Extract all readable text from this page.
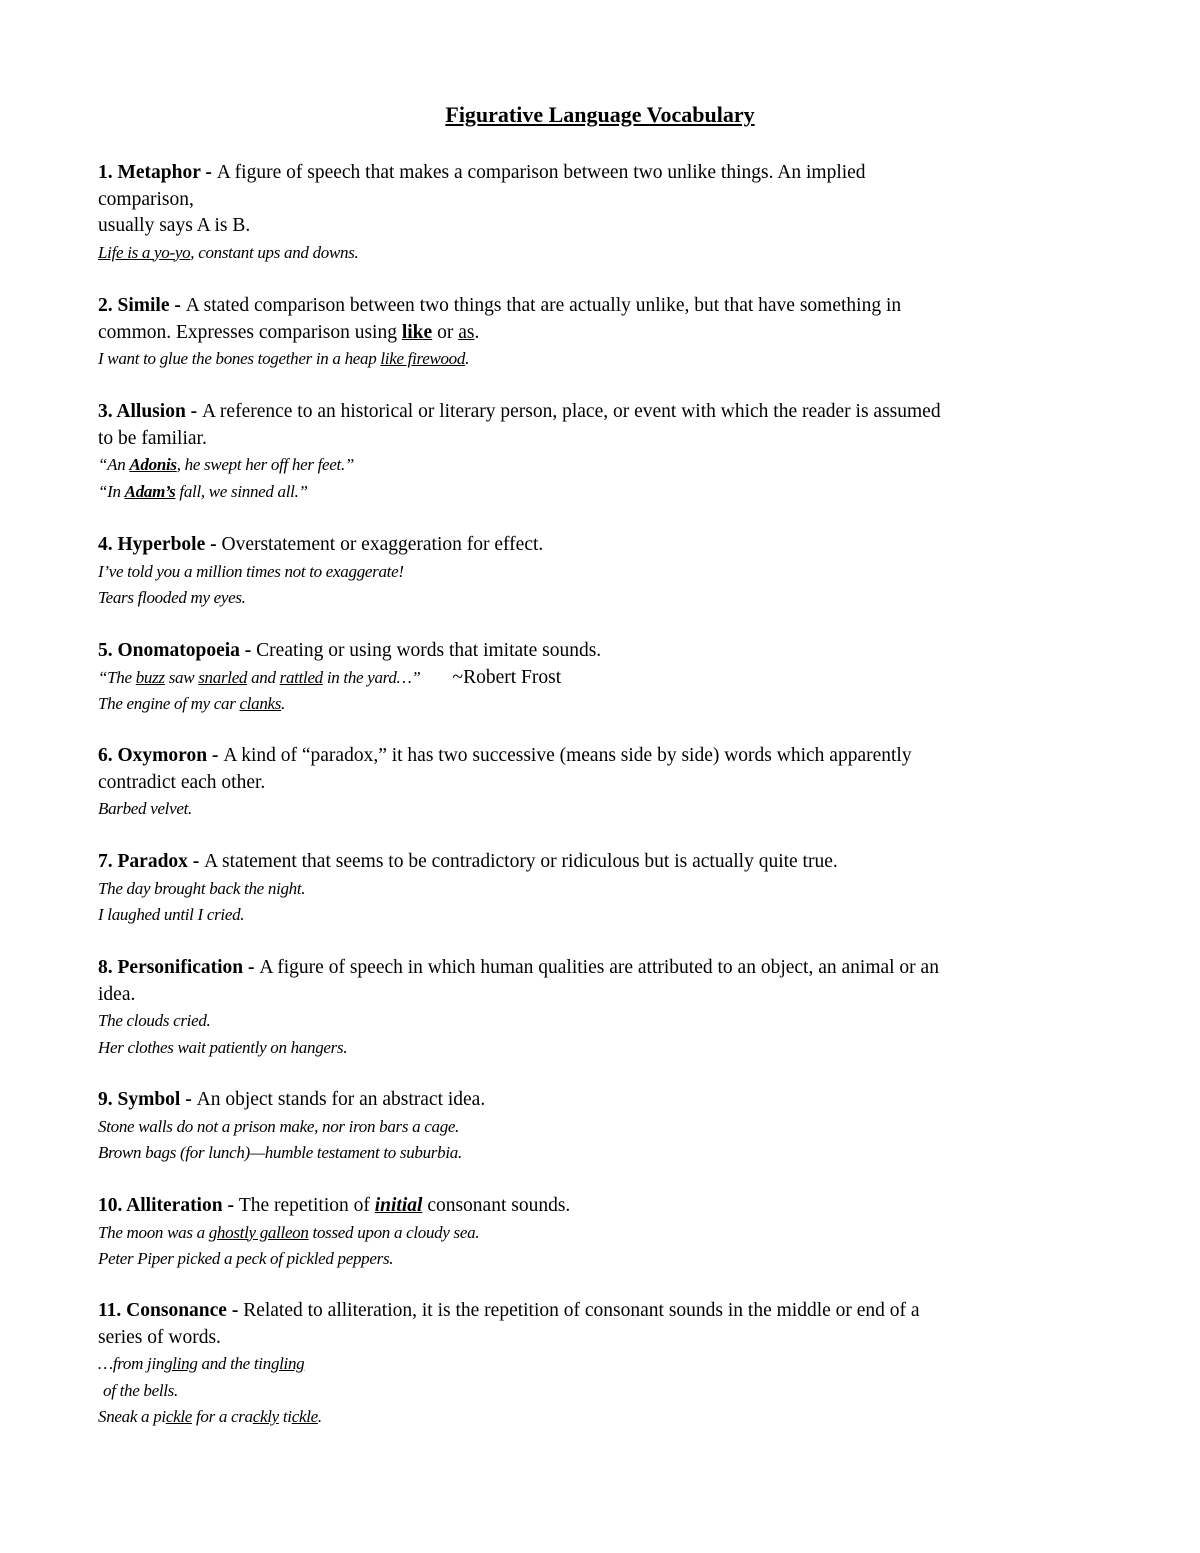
Figurative Language Vocabulary
1. Metaphor - A figure of speech that makes a comparison between two unlike things. An implied
comparison,
usually says A is B.
Life is a yo-yo, constant ups and downs.
2. Simile - A stated comparison between two things that are actually unlike, but that have something in
common. Expresses comparison using like or as.
I want to glue the bones together in a heap like firewood.
3. Allusion - A reference to an historical or literary person, place, or event with which the reader is assumed
to be familiar.
“An Adonis, he swept her off her feet.”
“In Adam’s fall, we sinned all.”
4. Hyperbole - Overstatement or exaggeration for effect.
I’ve told you a million times not to exaggerate!
Tears flooded my eyes.
5. Onomatopoeia - Creating or using words that imitate sounds.
“The buzz saw snarled and rattled in the yard…” ~Robert Frost
The engine of my car clanks.
6. Oxymoron - A kind of “paradox,” it has two successive (means side by side) words which apparently
contradict each other.
Barbed velvet.
7. Paradox - A statement that seems to be contradictory or ridiculous but is actually quite true.
The day brought back the night.
I laughed until I cried.
8. Personification - A figure of speech in which human qualities are attributed to an object, an animal or an
idea.
The clouds cried.
Her clothes wait patiently on hangers.
9. Symbol - An object stands for an abstract idea.
Stone walls do not a prison make, nor iron bars a cage.
Brown bags (for lunch)—humble testament to suburbia.
10. Alliteration - The repetition of initial consonant sounds.
The moon was a ghostly galleon tossed upon a cloudy sea.
Peter Piper picked a peck of pickled peppers.
11. Consonance - Related to alliteration, it is the repetition of consonant sounds in the middle or end of a
series of words.
…from jingling and the tingling
of the bells.
Sneak a pickle for a crackly tickle.
